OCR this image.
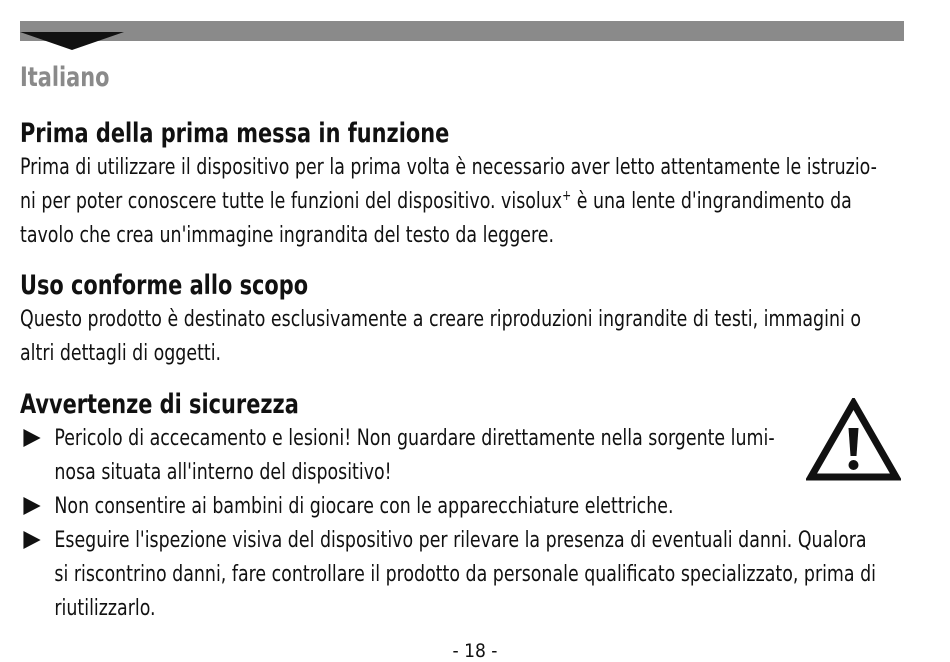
Italiano
Prima della prima messa in funzione

Prima di utilizzare il dispositivo per la prima volta è necessario aver letto attentamente le istruzio-
ni per poter conoscere tutte le funzioni del dispositivo. visolux+ è una lente d'ingrandimento da
tavolo che crea un'immagine ingrandita del testo da leggere.

Uso conforme allo scopo

Questo prodotto è destinato esclusivamente a creare riproduzioni ingrandite di testi, immagini o
altri dettagli di oggetti.

Avvertenze di sicurezza
Pericolo di accecamento e lesioni! Non guardare direttamente nella sorgente lumi-
nosa situata all'interno del dispositivo!
Non consentire ai bambini di giocare con le apparecchiature elettriche.
Eseguire l'ispezione visiva del dispositivo per rilevare la presenza di eventuali danni. Qualora
si riscontrino danni, fare controllare il prodotto da personale qualificato specializzato, prima di
riutilizzarlo.
- 18 -
